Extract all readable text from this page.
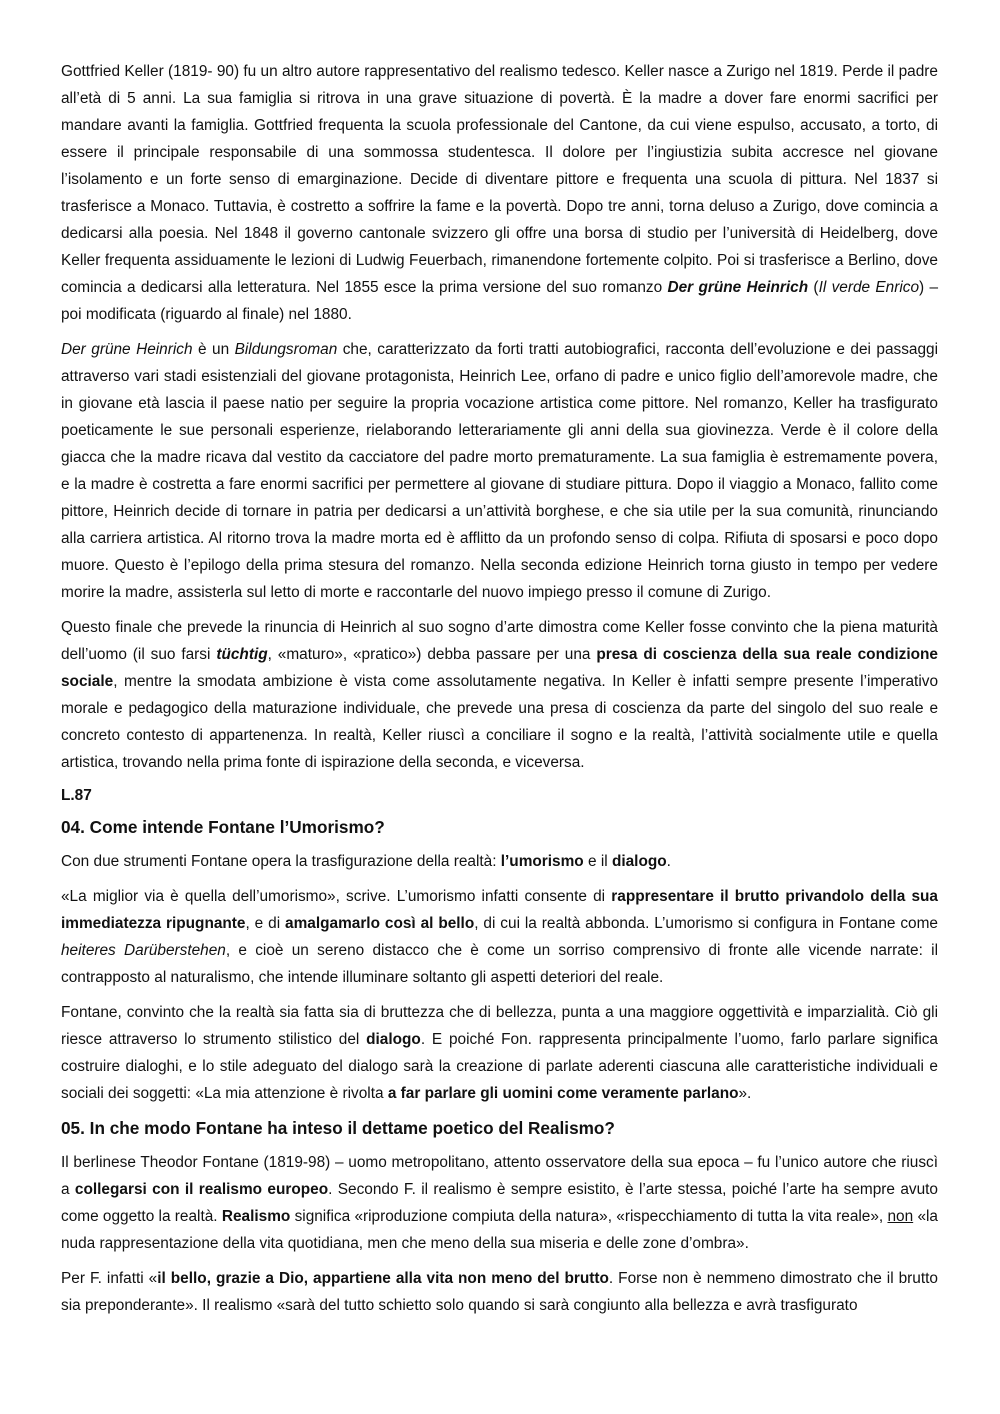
Gottfried Keller (1819- 90) fu un altro autore rappresentativo del realismo tedesco. Keller nasce a Zurigo nel 1819. Perde il padre all’età di 5 anni. La sua famiglia si ritrova in una grave situazione di povertà. È la madre a dover fare enormi sacrifici per mandare avanti la famiglia. Gottfried frequenta la scuola professionale del Cantone, da cui viene espulso, accusato, a torto, di essere il principale responsabile di una sommossa studentesca. Il dolore per l’ingiustizia subita accresce nel giovane l’isolamento e un forte senso di emarginazione. Decide di diventare pittore e frequenta una scuola di pittura. Nel 1837 si trasferisce a Monaco. Tuttavia, è costretto a soffrire la fame e la povertà. Dopo tre anni, torna deluso a Zurigo, dove comincia a dedicarsi alla poesia. Nel 1848 il governo cantonale svizzero gli offre una borsa di studio per l’università di Heidelberg, dove Keller frequenta assiduamente le lezioni di Ludwig Feuerbach, rimanendone fortemente colpito. Poi si trasferisce a Berlino, dove comincia a dedicarsi alla letteratura. Nel 1855 esce la prima versione del suo romanzo Der grüne Heinrich (Il verde Enrico) – poi modificata (riguardo al finale) nel 1880.

Der grüne Heinrich è un Bildungsroman che, caratterizzato da forti tratti autobiografici, racconta dell’evoluzione e dei passaggi attraverso vari stadi esistenziali del giovane protagonista, Heinrich Lee, orfano di padre e unico figlio dell’amorevole madre, che in giovane età lascia il paese natio per seguire la propria vocazione artistica come pittore. Nel romanzo, Keller ha trasfigurato poeticamente le sue personali esperienze, rielaborando letterariamente gli anni della sua giovinezza. Verde è il colore della giacca che la madre ricava dal vestito da cacciatore del padre morto prematuramente. La sua famiglia è estremamente povera, e la madre è costretta a fare enormi sacrifici per permettere al giovane di studiare pittura. Dopo il viaggio a Monaco, fallito come pittore, Heinrich decide di tornare in patria per dedicarsi a un’attività borghese, e che sia utile per la sua comunità, rinunciando alla carriera artistica. Al ritorno trova la madre morta ed è afflitto da un profondo senso di colpa. Rifiuta di sposarsi e poco dopo muore. Questo è l’epilogo della prima stesura del romanzo. Nella seconda edizione Heinrich torna giusto in tempo per vedere morire la madre, assisterla sul letto di morte e raccontarle del nuovo impiego presso il comune di Zurigo.

Questo finale che prevede la rinuncia di Heinrich al suo sogno d’arte dimostra come Keller fosse convinto che la piena maturità dell’uomo (il suo farsi tüchtig, «maturo», «pratico») debba passare per una presa di coscienza della sua reale condizione sociale, mentre la smodata ambizione è vista come assolutamente negativa. In Keller è infatti sempre presente l’imperativo morale e pedagogico della maturazione individuale, che prevede una presa di coscienza da parte del singolo del suo reale e concreto contesto di appartenenza. In realtà, Keller riuscì a conciliare il sogno e la realtà, l’attività socialmente utile e quella artistica, trovando nella prima fonte di ispirazione della seconda, e viceversa.

L.87
04. Come intende Fontane l’Umorismo?

Con due strumenti Fontane opera la trasfigurazione della realtà: l’umorismo e il dialogo.

«La miglior via è quella dell’umorismo», scrive. L’umorismo infatti consente di rappresentare il brutto privandolo della sua immediatezza ripugnante, e di amalgamarlo così al bello, di cui la realtà abbonda. L’umorismo si configura in Fontane come heiteres Darüberstehen, e cioè un sereno distacco che è come un sorriso comprensivo di fronte alle vicende narrate: il contrapposto al naturalismo, che intende illuminare soltanto gli aspetti deteriori del reale.

Fontane, convinto che la realtà sia fatta sia di bruttezza che di bellezza, punta a una maggiore oggettività e imparzialità. Ciò gli riesce attraverso lo strumento stilistico del dialogo. E poiché Fon. rappresenta principalmente l’uomo, farlo parlare significa costruire dialoghi, e lo stile adeguato del dialogo sarà la creazione di parlate aderenti ciascuna alle caratteristiche individuali e sociali dei soggetti: «La mia attenzione è rivolta a far parlare gli uomini come veramente parlano».

05. In che modo Fontane ha inteso il dettame poetico del Realismo?

Il berlinese Theodor Fontane (1819-98) – uomo metropolitano, attento osservatore della sua epoca – fu l’unico autore che riuscì a collegarsi con il realismo europeo. Secondo F. il realismo è sempre esistito, è l’arte stessa, poiché l’arte ha sempre avuto come oggetto la realtà. Realismo significa «riproduzione compiuta della natura», «rispecchiamento di tutta la vita reale», non «la nuda rappresentazione della vita quotidiana, men che meno della sua miseria e delle zone d’ombra».

Per F. infatti «il bello, grazie a Dio, appartiene alla vita non meno del brutto. Forse non è nemmeno dimostrato che il brutto sia preponderante». Il realismo «sarà del tutto schietto solo quando si sarà congiunto alla bellezza e avrà trasfigurato
